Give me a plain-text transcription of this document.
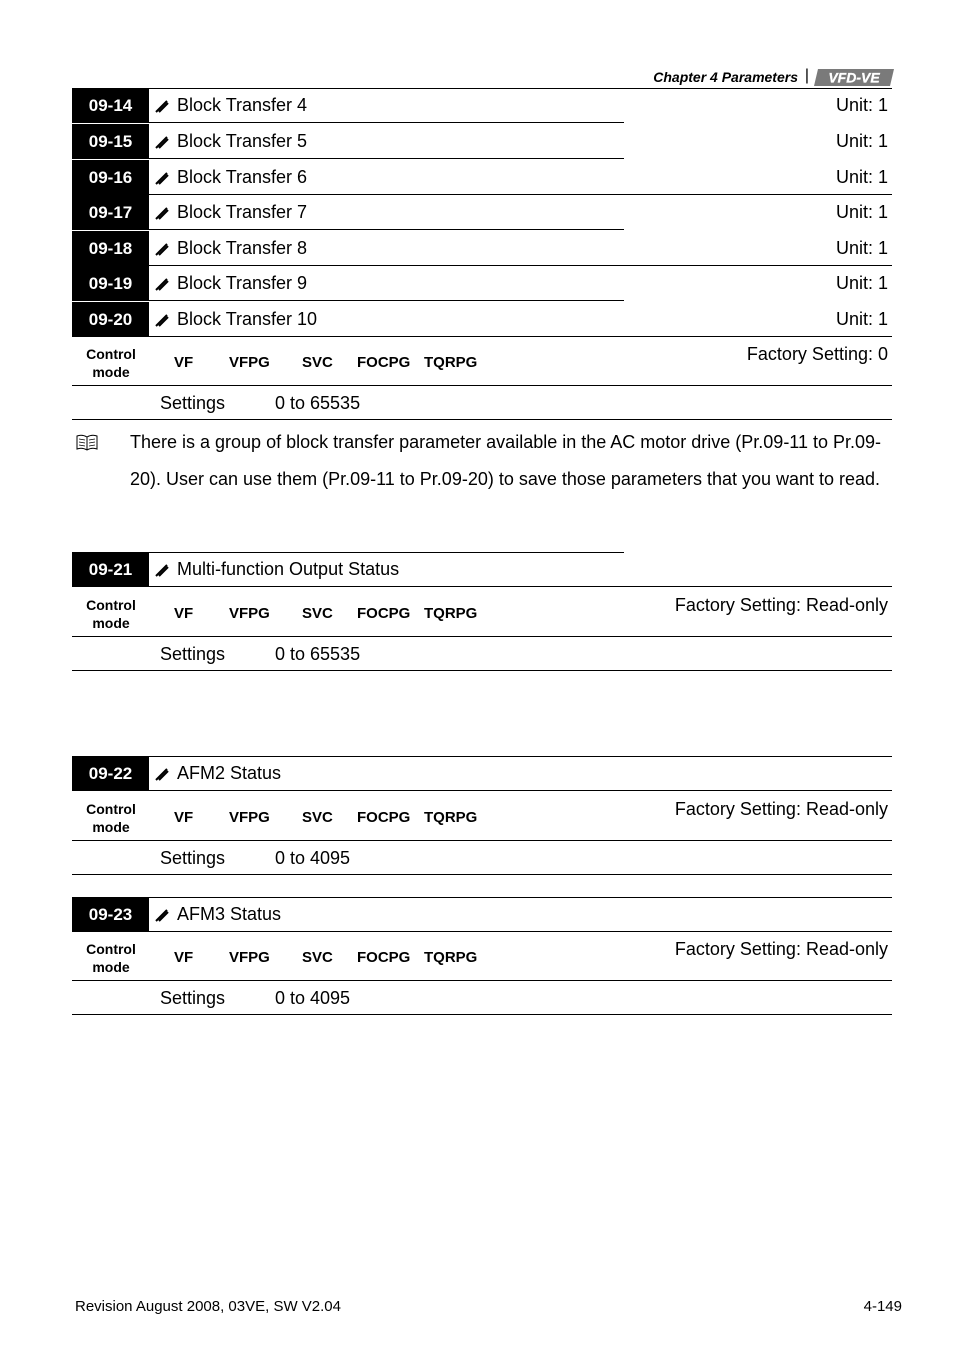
Chapter 4 Parameters | VFD-VE
09-14	Block Transfer 4	Unit: 1
09-15	Block Transfer 5	Unit: 1
09-16	Block Transfer 6	Unit: 1
09-17	Block Transfer 7	Unit: 1
09-18	Block Transfer 8	Unit: 1
09-19	Block Transfer 9	Unit: 1
09-20	Block Transfer 10	Unit: 1
Control
mode
VF VFPG SVC FOCPG TQRPG	Factory Setting: 0
Settings	0 to 65535
There is a group of block transfer parameter available in the AC motor drive (Pr.09-11 to Pr.09-20). User can use them (Pr.09-11 to Pr.09-20) to save those parameters that you want to read.
09-21	Multi-function Output Status
Control
mode
VF VFPG SVC FOCPG TQRPG	Factory Setting: Read-only
Settings	0 to 65535
09-22	AFM2 Status
Control
mode
VF VFPG SVC FOCPG TQRPG	Factory Setting: Read-only
Settings	0 to 4095
09-23	AFM3 Status
Control
mode
VF VFPG SVC FOCPG TQRPG	Factory Setting: Read-only
Settings	0 to 4095
Revision August 2008, 03VE, SW V2.04	4-149
